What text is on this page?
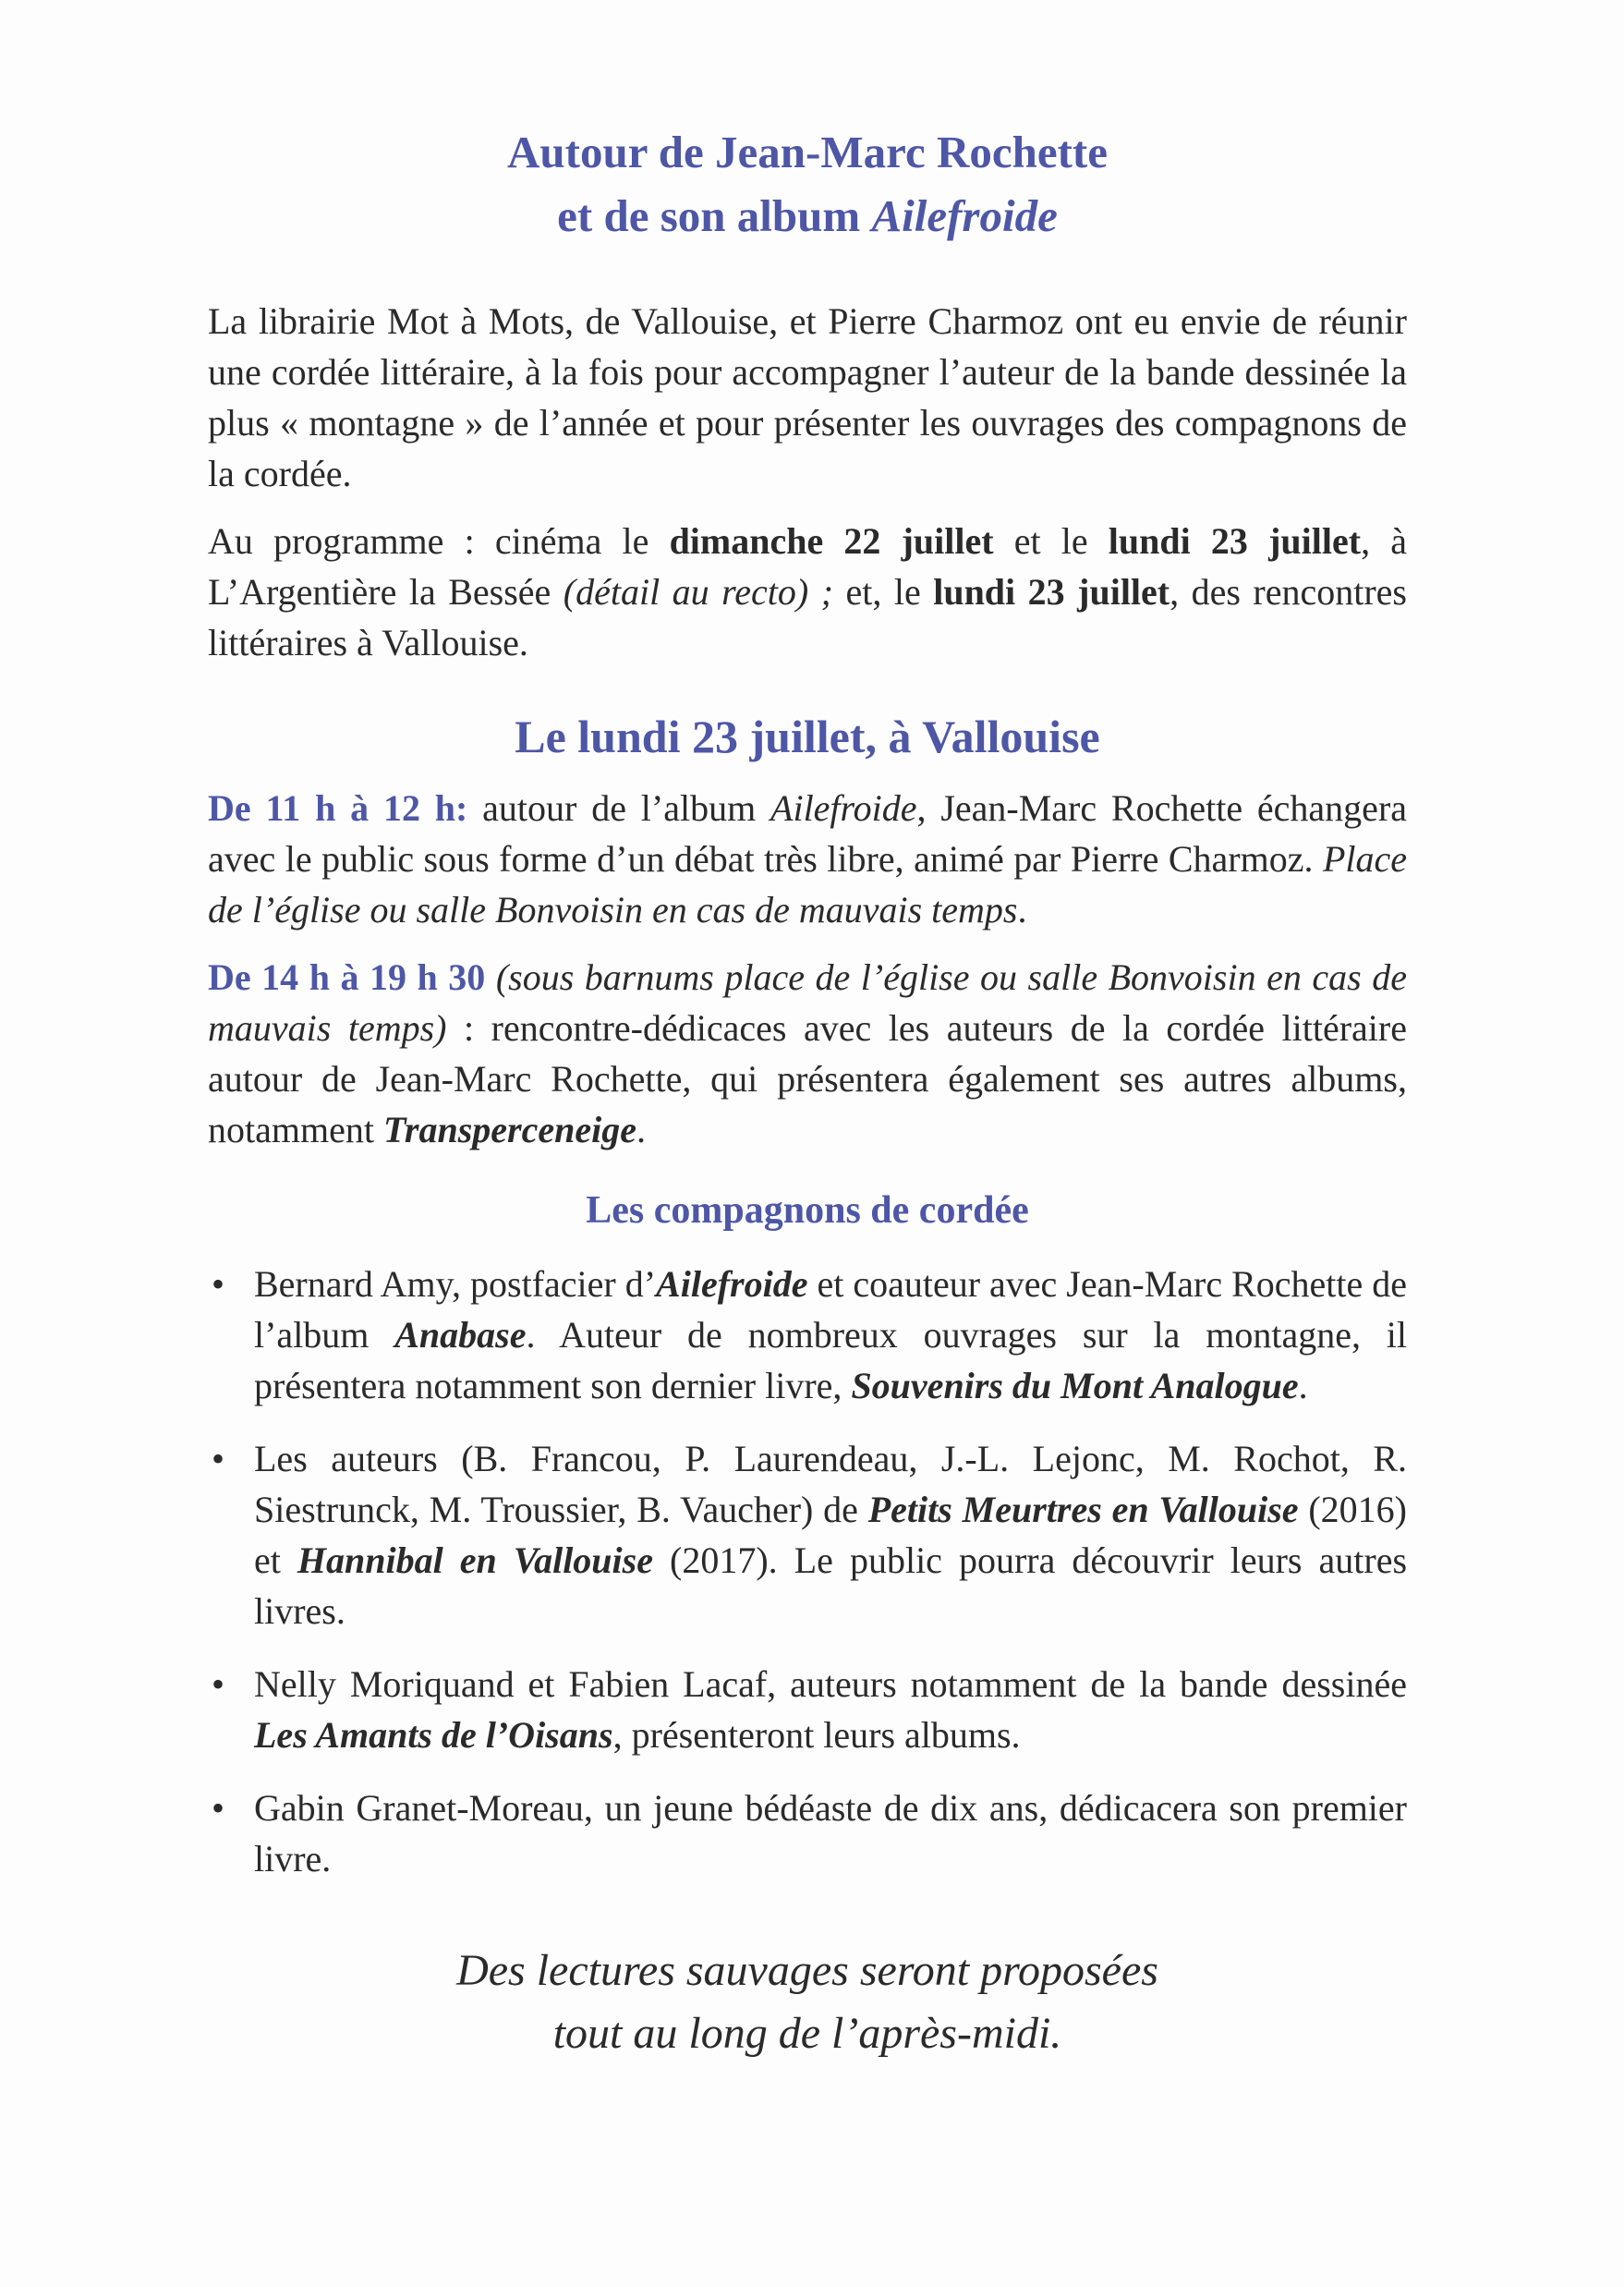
Autour de Jean-Marc Rochette
et de son album Ailefroide

La librairie Mot à Mots, de Vallouise, et Pierre Charmoz ont eu envie de réunir une cordée littéraire, à la fois pour accompagner l’auteur de la bande dessinée la plus « montagne » de l’année et pour présenter les ouvrages des compagnons de la cordée.

Au programme : cinéma le dimanche 22 juillet et le lundi 23 juillet, à L’Argentière la Bessée (détail au recto) ; et, le lundi 23 juillet, des rencontres littéraires à Vallouise.

Le lundi 23 juillet, à Vallouise

De 11 h à 12 h: autour de l’album Ailefroide, Jean-Marc Rochette échangera avec le public sous forme d’un débat très libre, animé par Pierre Charmoz. Place de l’église ou salle Bonvoisin en cas de mauvais temps.

De 14 h à 19 h 30 (sous barnums place de l’église ou salle Bonvoisin en cas de mauvais temps) : rencontre-dédicaces avec les auteurs de la cordée littéraire autour de Jean-Marc Rochette, qui présentera également ses autres albums, notamment Transperceneige.

Les compagnons de cordée
• Bernard Amy, postfacier d’Ailefroide et coauteur avec Jean-Marc Rochette de l’album Anabase. Auteur de nombreux ouvrages sur la montagne, il présentera notamment son dernier livre, Souvenirs du Mont Analogue.
• Les auteurs (B. Francou, P. Laurendeau, J.-L. Lejonc, M. Rochot, R. Siestrunck, M. Troussier, B. Vaucher) de Petits Meurtres en Vallouise (2016) et Hannibal en Vallouise (2017). Le public pourra découvrir leurs autres livres.
• Nelly Moriquand et Fabien Lacaf, auteurs notamment de la bande dessinée Les Amants de l’Oisans, présenteront leurs albums.
• Gabin Granet-Moreau, un jeune bédéaste de dix ans, dédicacera son premier livre.
Des lectures sauvages seront proposées
tout au long de l’après-midi.
